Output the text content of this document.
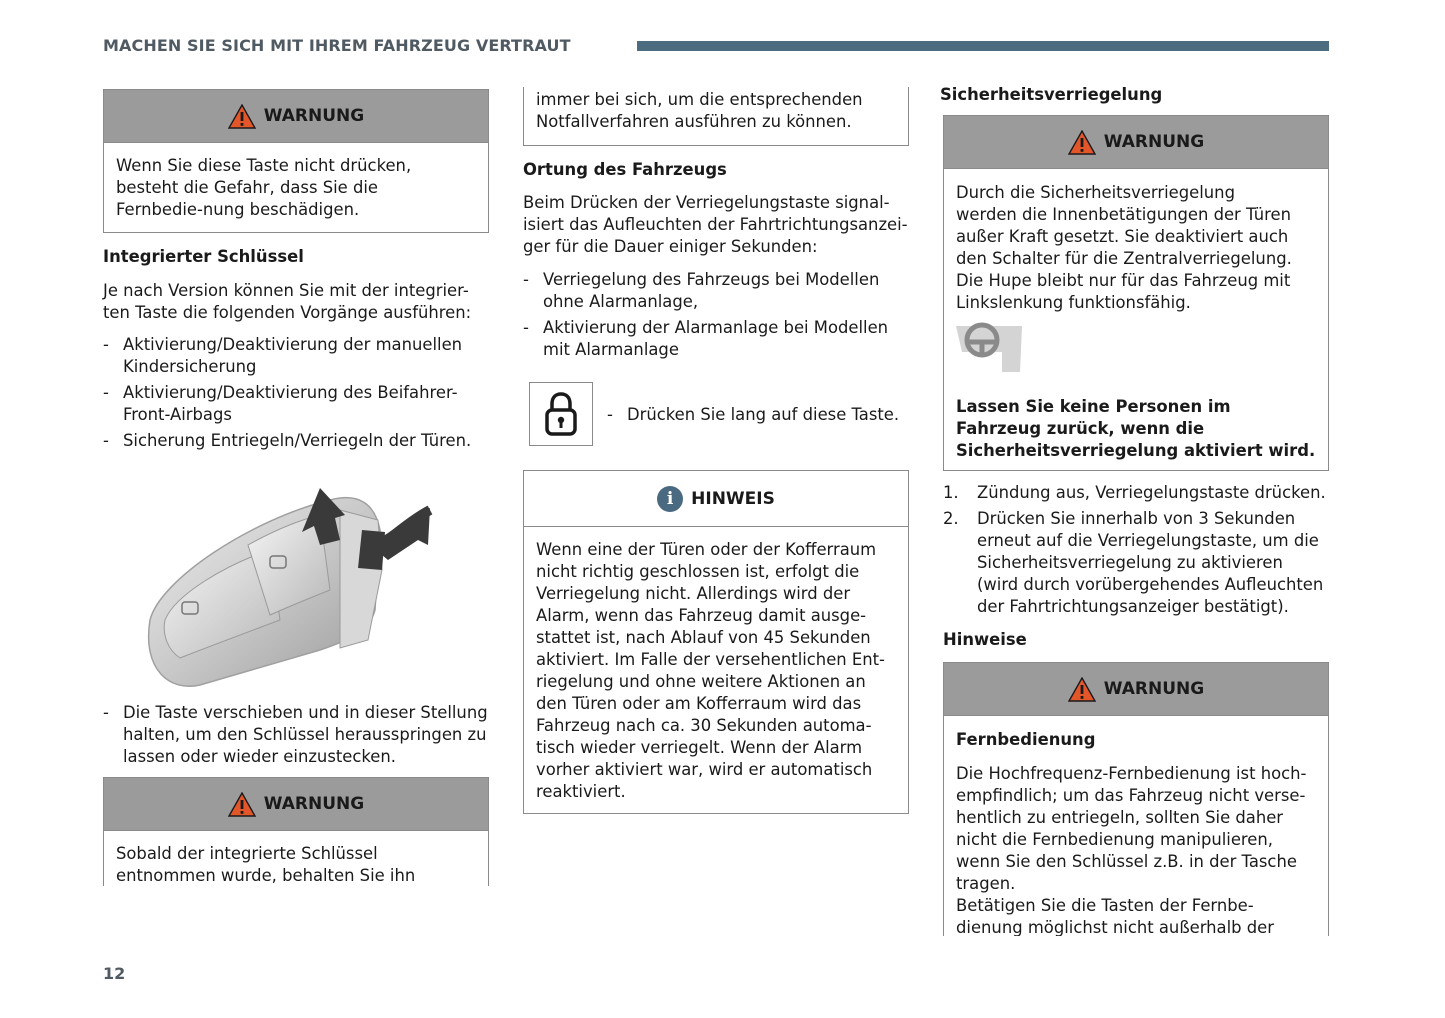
MACHEN SIE SICH MIT IHREM FAHRZEUG VERTRAUT
WARNUNG

Wenn Sie diese Taste nicht drücken, besteht die Gefahr, dass Sie die Fernbedie-nung beschädigen.

Integrierter Schlüssel

Je nach Version können Sie mit der integrier-ten Taste die folgenden Vorgänge ausführen:

- Aktivierung/Deaktivierung der manuellen Kindersicherung
- Aktivierung/Deaktivierung des Beifahrer-Front-Airbags
- Sicherung Entriegeln/Verriegeln der Türen.
- Die Taste verschieben und in dieser Stellung halten, um den Schlüssel herausspringen zu lassen oder wieder einzustecken.
WARNUNG

Sobald der integrierte Schlüssel entnommen wurde, behalten Sie ihn

immer bei sich, um die entsprechenden Notfallverfahren ausführen zu können.

Ortung des Fahrzeugs

Beim Drücken der Verriegelungstaste signal-isiert das Aufleuchten der Fahrtrichtungsanzei-ger für die Dauer einiger Sekunden:

- Verriegelung des Fahrzeugs bei Modellen ohne Alarmanlage,
- Aktivierung der Alarmanlage bei Modellen mit Alarmanlage
- Drücken Sie lang auf diese Taste.
i	HINWEIS

Wenn eine der Türen oder der Kofferraum nicht richtig geschlossen ist, erfolgt die Verriegelung nicht. Allerdings wird der Alarm, wenn das Fahrzeug damit ausge-stattet ist, nach Ablauf von 45 Sekunden aktiviert. Im Falle der versehentlichen Ent-riegelung und ohne weitere Aktionen an den Türen oder am Kofferraum wird das Fahrzeug nach ca. 30 Sekunden automa-tisch wieder verriegelt. Wenn der Alarm vorher aktiviert war, wird er automatisch reaktiviert.

Sicherheitsverriegelung
WARNUNG

Durch die Sicherheitsverriegelung werden die Innenbetätigungen der Türen außer Kraft gesetzt. Sie deaktiviert auch den Schalter für die Zentralverriegelung.

Die Hupe bleibt nur für das Fahrzeug mit Linkslenkung funktionsfähig.

Lassen Sie keine Personen im Fahrzeug zurück, wenn die Sicherheitsverriegelung aktiviert wird.

1. Zündung aus, Verriegelungstaste drücken.
2. Drücken Sie innerhalb von 3 Sekunden erneut auf die Verriegelungstaste, um die Sicherheitsverriegelung zu aktivieren (wird durch vorübergehendes Aufleuchten der Fahrtrichtungsanzeiger bestätigt).
Hinweise
WARNUNG

Fernbedienung

Die Hochfrequenz-Fernbedienung ist hoch-empfindlich; um das Fahrzeug nicht verse-hentlich zu entriegeln, sollten Sie daher nicht die Fernbedienung manipulieren, wenn Sie den Schlüssel z.B. in der Tasche tragen.

Betätigen Sie die Tasten der Fernbe-dienung möglichst nicht außerhalb der

12
